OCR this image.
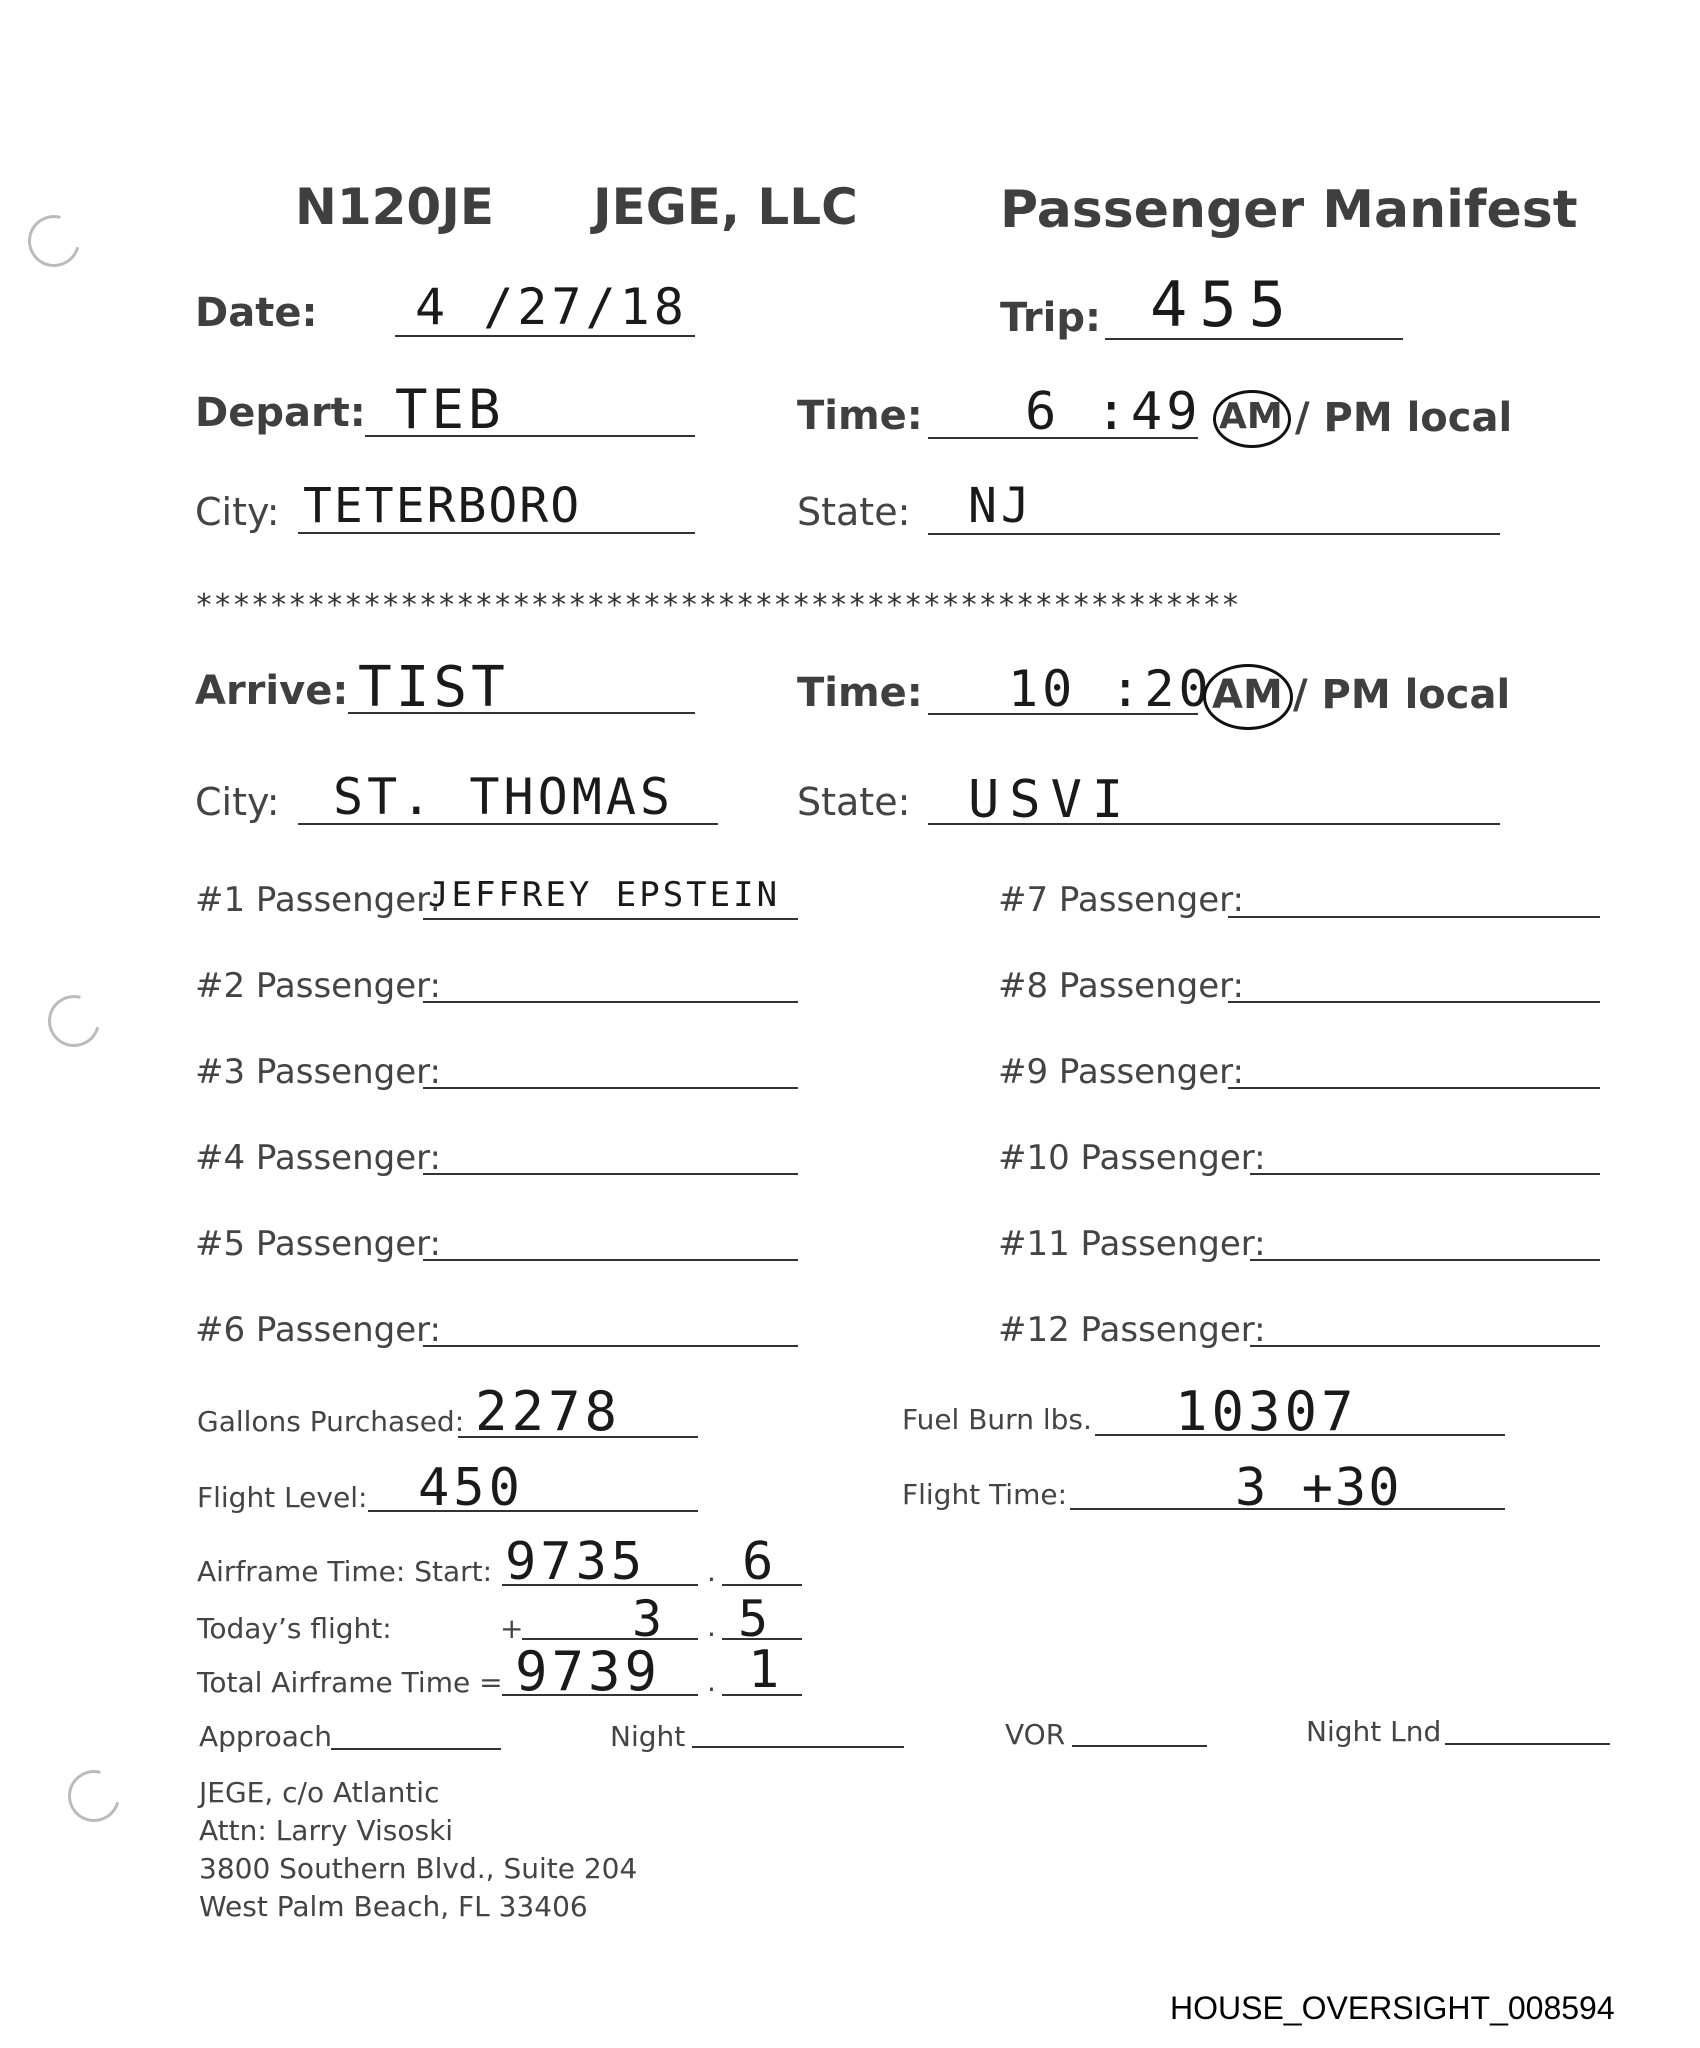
N120JE JEGE, LLC	Passenger Manifest
Date: 4 /27/18	Trip: 455
Depart: TEB	Time: 6 :49 AM / PM local
City: TETERBORO	State: NJ
********************************************************
Arrive: TIST	Time: 10 :20 AM / PM local
City: ST. THOMAS	State: USVI
#1 Passenger:
JEFFREY EPSTEIN
#2 Passenger:
#3 Passenger:
#4 Passenger:
#5 Passenger:
#6 Passenger:
#7 Passenger:
#8 Passenger:
#9 Passenger:
#10 Passenger:
#11 Passenger:
#12 Passenger:
Gallons Purchased: 2278	Fuel Burn lbs. 10307
Flight Level: 450	Flight Time:	3 +30
Airframe Time: Start: 9735 . 6
Today’s flight:	+ 3 . 5
Total Airframe Time = 9739 . 1
Approach	Night	VOR	Night Lnd
JEGE, c/o Atlantic
Attn: Larry Visoski
3800 Southern Blvd., Suite 204
West Palm Beach, FL 33406
HOUSE_OVERSIGHT_008594
